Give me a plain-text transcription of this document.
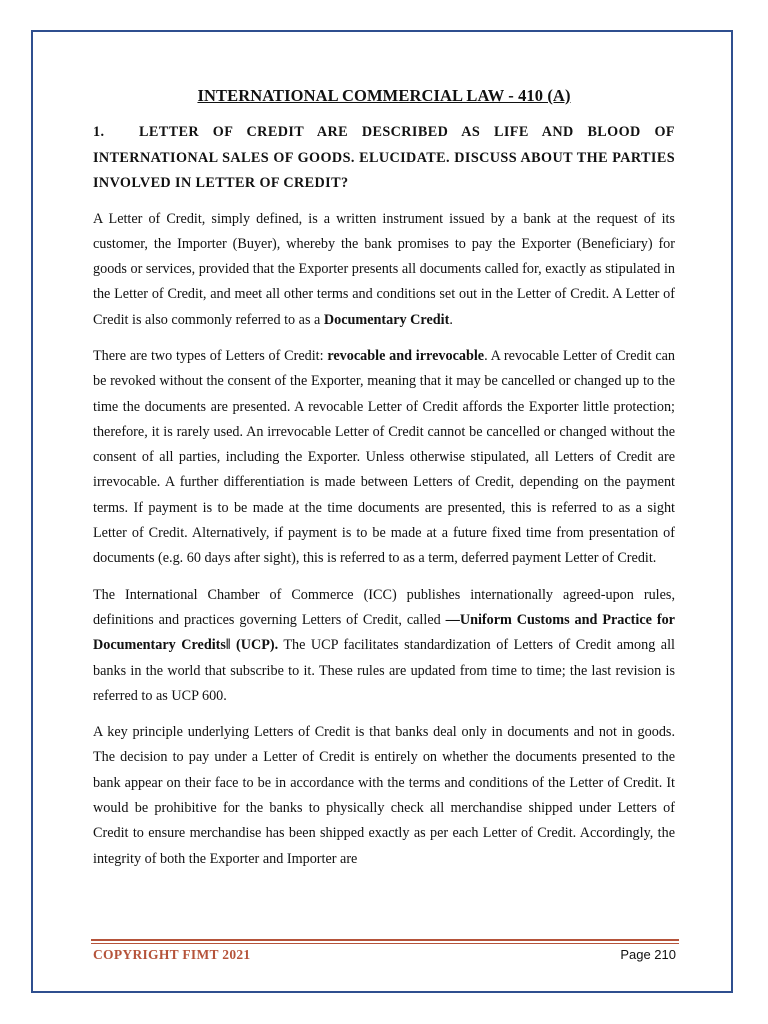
INTERNATIONAL COMMERCIAL LAW - 410 (A)

1. LETTER OF CREDIT ARE DESCRIBED AS LIFE AND BLOOD OF INTERNATIONAL SALES OF GOODS. ELUCIDATE. DISCUSS ABOUT THE PARTIES INVOLVED IN LETTER OF CREDIT?

A Letter of Credit, simply defined, is a written instrument issued by a bank at the request of its customer, the Importer (Buyer), whereby the bank promises to pay the Exporter (Beneficiary) for goods or services, provided that the Exporter presents all documents called for, exactly as stipulated in the Letter of Credit, and meet all other terms and conditions set out in the Letter of Credit. A Letter of Credit is also commonly referred to as a Documentary Credit.

There are two types of Letters of Credit: revocable and irrevocable. A revocable Letter of Credit can be revoked without the consent of the Exporter, meaning that it may be cancelled or changed up to the time the documents are presented. A revocable Letter of Credit affords the Exporter little protection; therefore, it is rarely used. An irrevocable Letter of Credit cannot be cancelled or changed without the consent of all parties, including the Exporter. Unless otherwise stipulated, all Letters of Credit are irrevocable. A further differentiation is made between Letters of Credit, depending on the payment terms. If payment is to be made at the time documents are presented, this is referred to as a sight Letter of Credit. Alternatively, if payment is to be made at a future fixed time from presentation of documents (e.g. 60 days after sight), this is referred to as a term, deferred payment Letter of Credit.

The International Chamber of Commerce (ICC) publishes internationally agreed-upon rules, definitions and practices governing Letters of Credit, called ―Uniform Customs and Practice for Documentary Credits‖ (UCP). The UCP facilitates standardization of Letters of Credit among all banks in the world that subscribe to it. These rules are updated from time to time; the last revision is referred to as UCP 600.

A key principle underlying Letters of Credit is that banks deal only in documents and not in goods. The decision to pay under a Letter of Credit is entirely on whether the documents presented to the bank appear on their face to be in accordance with the terms and conditions of the Letter of Credit. It would be prohibitive for the banks to physically check all merchandise shipped under Letters of Credit to ensure merchandise has been shipped exactly as per each Letter of Credit. Accordingly, the integrity of both the Exporter and Importer are

COPYRIGHT FIMT 2021	Page 210
